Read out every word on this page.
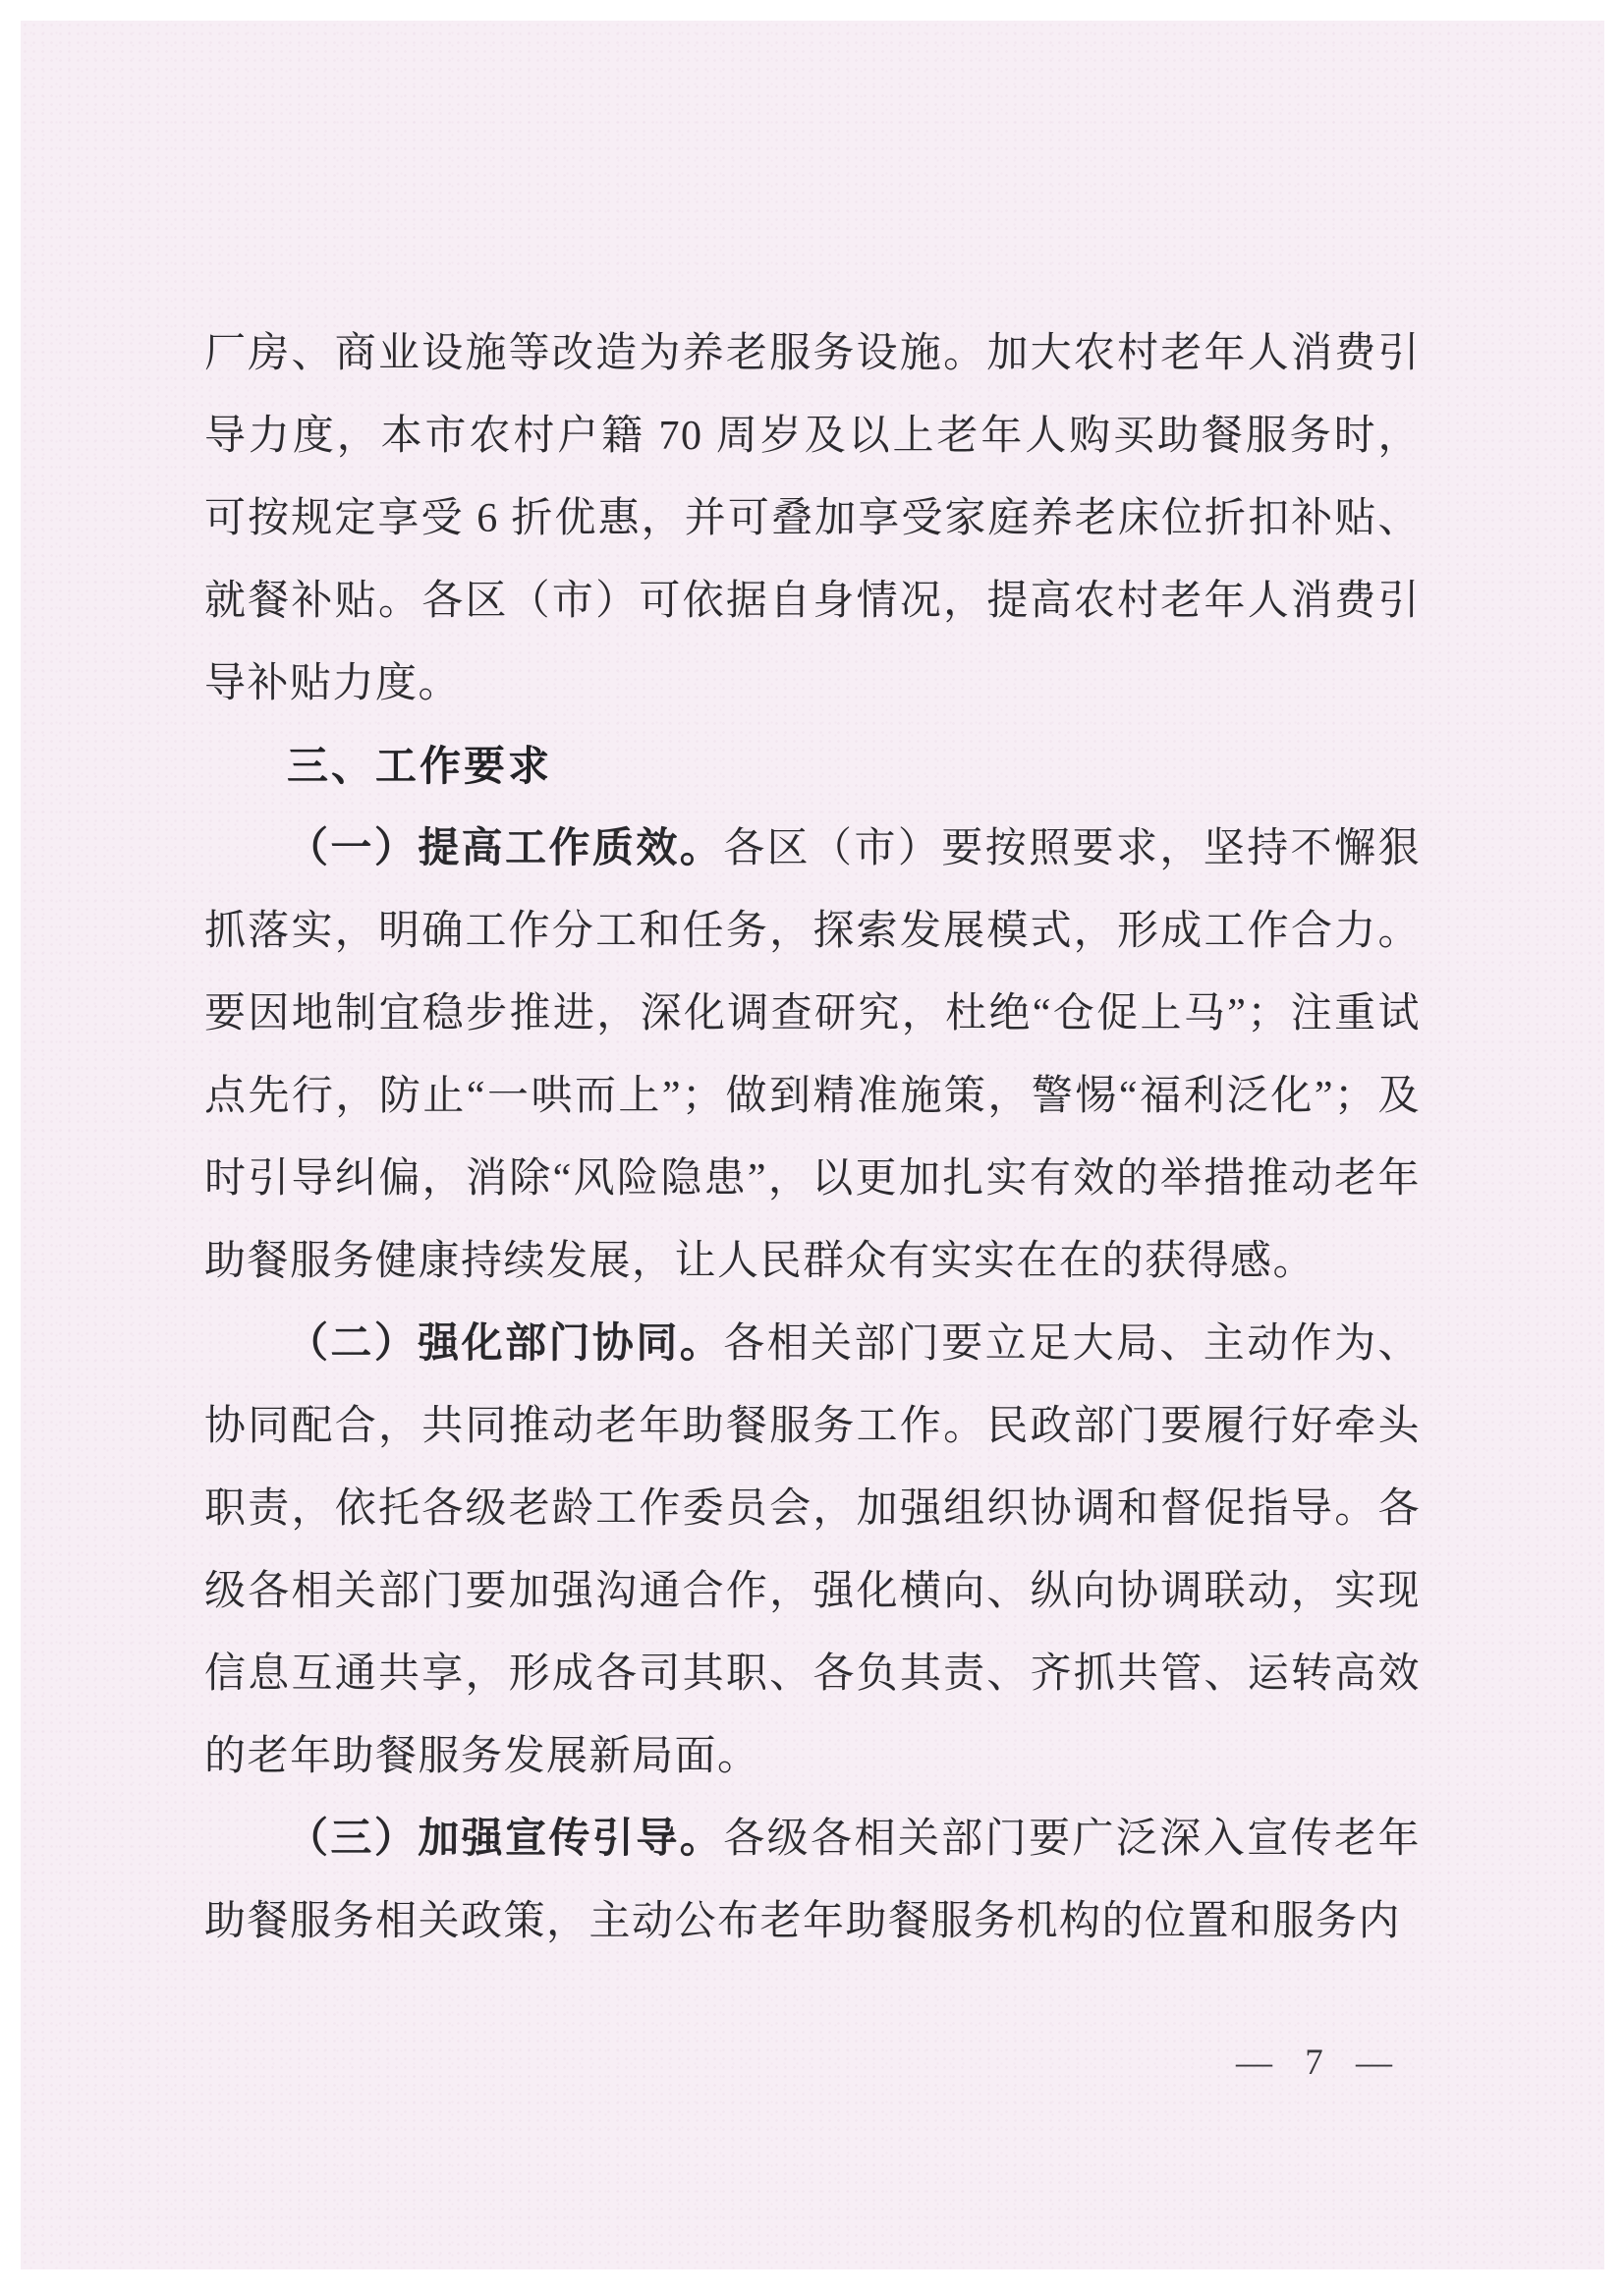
厂房、商业设施等改造为养老服务设施。加大农村老年人消费引导力度，本市农村户籍 70 周岁及以上老年人购买助餐服务时，可按规定享受 6 折优惠，并可叠加享受家庭养老床位折扣补贴、就餐补贴。各区（市）可依据自身情况，提高农村老年人消费引导补贴力度。

三、工作要求

（一）提高工作质效。各区（市）要按照要求，坚持不懈狠抓落实，明确工作分工和任务，探索发展模式，形成工作合力。要因地制宜稳步推进，深化调查研究，杜绝“仓促上马”；注重试点先行，防止“一哄而上”；做到精准施策，警惕“福利泛化”；及时引导纠偏，消除“风险隐患”，以更加扎实有效的举措推动老年助餐服务健康持续发展，让人民群众有实实在在的获得感。

（二）强化部门协同。各相关部门要立足大局、主动作为、协同配合，共同推动老年助餐服务工作。民政部门要履行好牵头职责，依托各级老龄工作委员会，加强组织协调和督促指导。各级各相关部门要加强沟通合作，强化横向、纵向协调联动，实现信息互通共享，形成各司其职、各负其责、齐抓共管、运转高效的老年助餐服务发展新局面。

（三）加强宣传引导。各级各相关部门要广泛深入宣传老年助餐服务相关政策，主动公布老年助餐服务机构的位置和服务内

— 7 —
